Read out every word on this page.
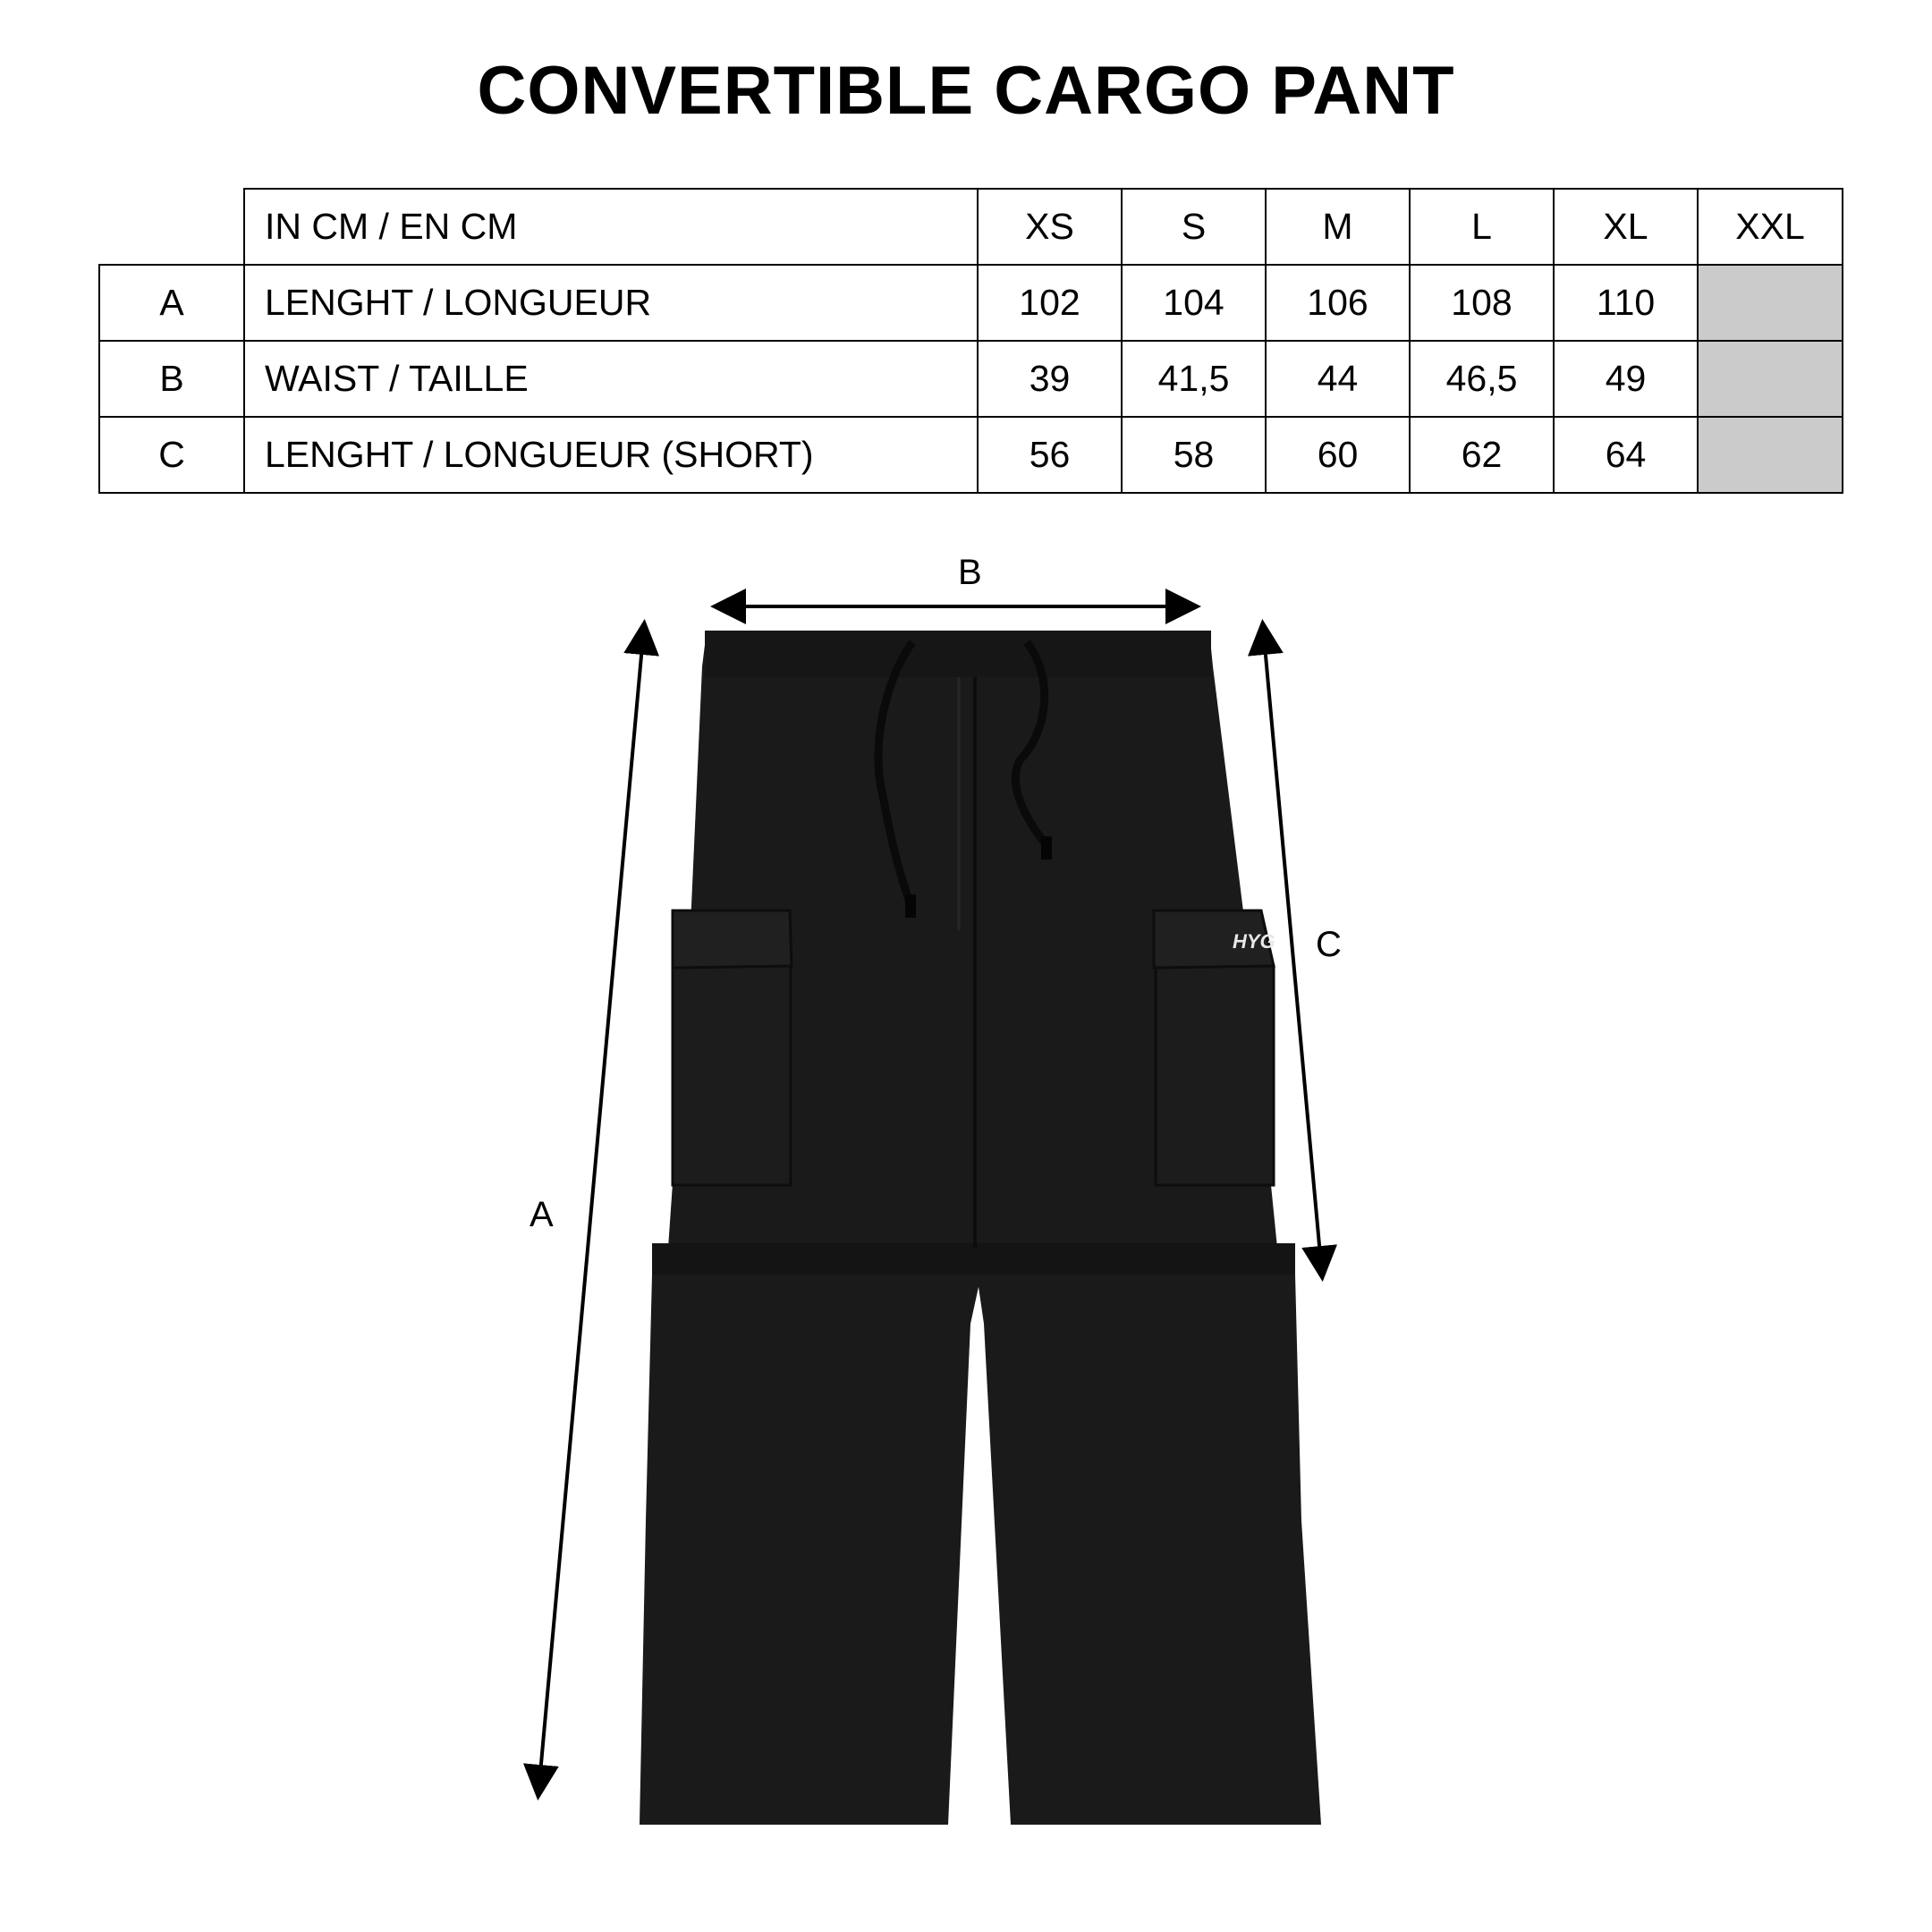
CONVERTIBLE CARGO PANT
	IN CM / EN CM	XS	S	M	L	XL	XXL
A	LENGHT / LONGUEUR	102	104	106	108	110	
B	WAIST / TAILLE	39	41,5	44	46,5	49	
C	LENGHT / LONGUEUR (SHORT)	56	58	60	62	64	
HYG
B
A
C
